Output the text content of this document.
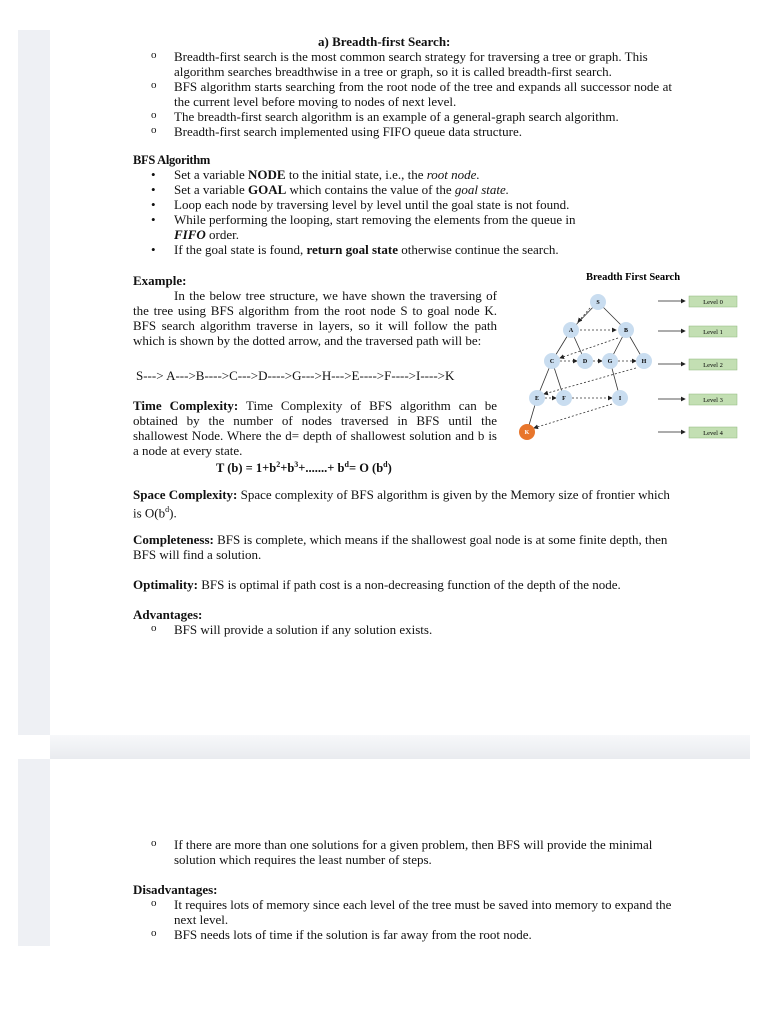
a) Breadth-first Search:

o Breadth-first search is the most common search strategy for traversing a tree or graph. This algorithm searches breadthwise in a tree or graph, so it is called breadth-first search.
o BFS algorithm starts searching from the root node of the tree and expands all successor node at the current level before moving to nodes of next level.
o The breadth-first search algorithm is an example of a general-graph search algorithm.
o Breadth-first search implemented using FIFO queue data structure.

BFS Algorithm

• Set a variable NODE to the initial state, i.e., the root node.
• Set a variable GOAL which contains the value of the goal state.
• Loop each node by traversing level by level until the goal state is not found.
• While performing the looping, start removing the elements from the queue in FIFO order.
• If the goal state is found, return goal state otherwise continue the search.

Example:

In the below tree structure, we have shown the traversing of the tree using BFS algorithm from the root node S to goal node K. BFS search algorithm traverse in layers, so it will follow the path which is shown by the dotted arrow, and the traversed path will be:

S---> A--->B---->C--->D---->G--->H--->E---->F---->I---->K

Time Complexity: Time Complexity of BFS algorithm can be obtained by the number of nodes traversed in BFS until the shallowest Node. Where the d= depth of shallowest solution and b is a node at every state.

T $(b) = 1+b^2+b^3+.......+ b^d= O$ $(b^d)$

Space Complexity: Space complexity of BFS algorithm is given by the Memory size of frontier which is $O(b^d)$.

Completeness: BFS is complete, which means if the shallowest goal node is at some finite depth, then BFS will find a solution.

Optimality: BFS is optimal if path cost is a non-decreasing function of the depth of the node.

Advantages:

o BFS will provide a solution if any solution exists.
Breadth First Search
S
A	B
C	D	G	H
E	F	I
K
Level 0
Level 1
Level 2
Level 3
Level 4
o If there are more than one solutions for a given problem, then BFS will provide the minimal solution which requires the least number of steps.

Disadvantages:

o It requires lots of memory since each level of the tree must be saved into memory to expand the next level.
o BFS needs lots of time if the solution is far away from the root node.
